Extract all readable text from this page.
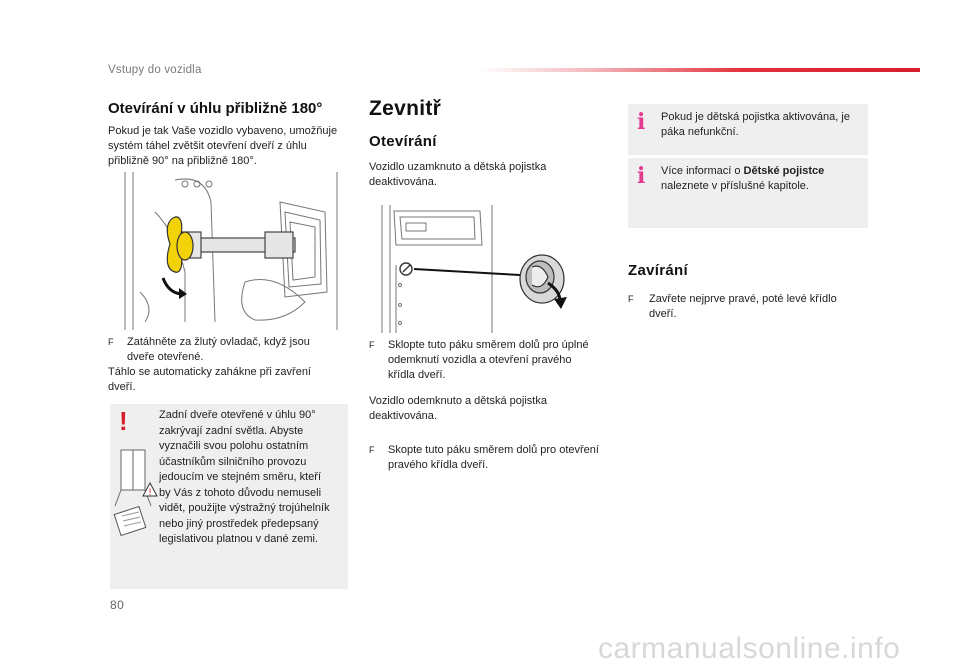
Vstupy do vozidla
Otevírání v úhlu přibližně 180°
Pokud je tak Vaše vozidlo vybaveno, umožňuje
systém táhel zvětšit otevření dveří z úhlu
přibližně 90° na přibližně 180°.
F Zatáhněte za žlutý ovladač, když jsou
dveře otevřené.
Táhlo se automaticky zahákne při zavření
dveří.
!
!
Zadní dveře otevřené v úhlu 90°
zakrývají zadní světla. Abyste
vyznačili svou polohu ostatním
účastníkům silničního provozu
jedoucím ve stejném směru, kteří
by Vás z tohoto důvodu nemuseli
vidět, použijte výstražný trojúhelník
nebo jiný prostředek předepsaný
legislativou platnou v dané zemi.
Zevnitř
Otevírání
Vozidlo uzamknuto a dětská pojistka
deaktivována.
F Sklopte tuto páku směrem dolů pro úplné
odemknutí vozidla a otevření pravého
křídla dveří.
Vozidlo odemknuto a dětská pojistka
deaktivována.
F Skopte tuto páku směrem dolů pro otevření
pravého křídla dveří.
i Pokud je dětská pojistka aktivována, je
páka nefunkční.
i Více informací o Dětské pojistce
naleznete v příslušné kapitole.
Zavírání
F Zavřete nejprve pravé, poté levé křídlo
dveří.
80
carmanualsonline.info
